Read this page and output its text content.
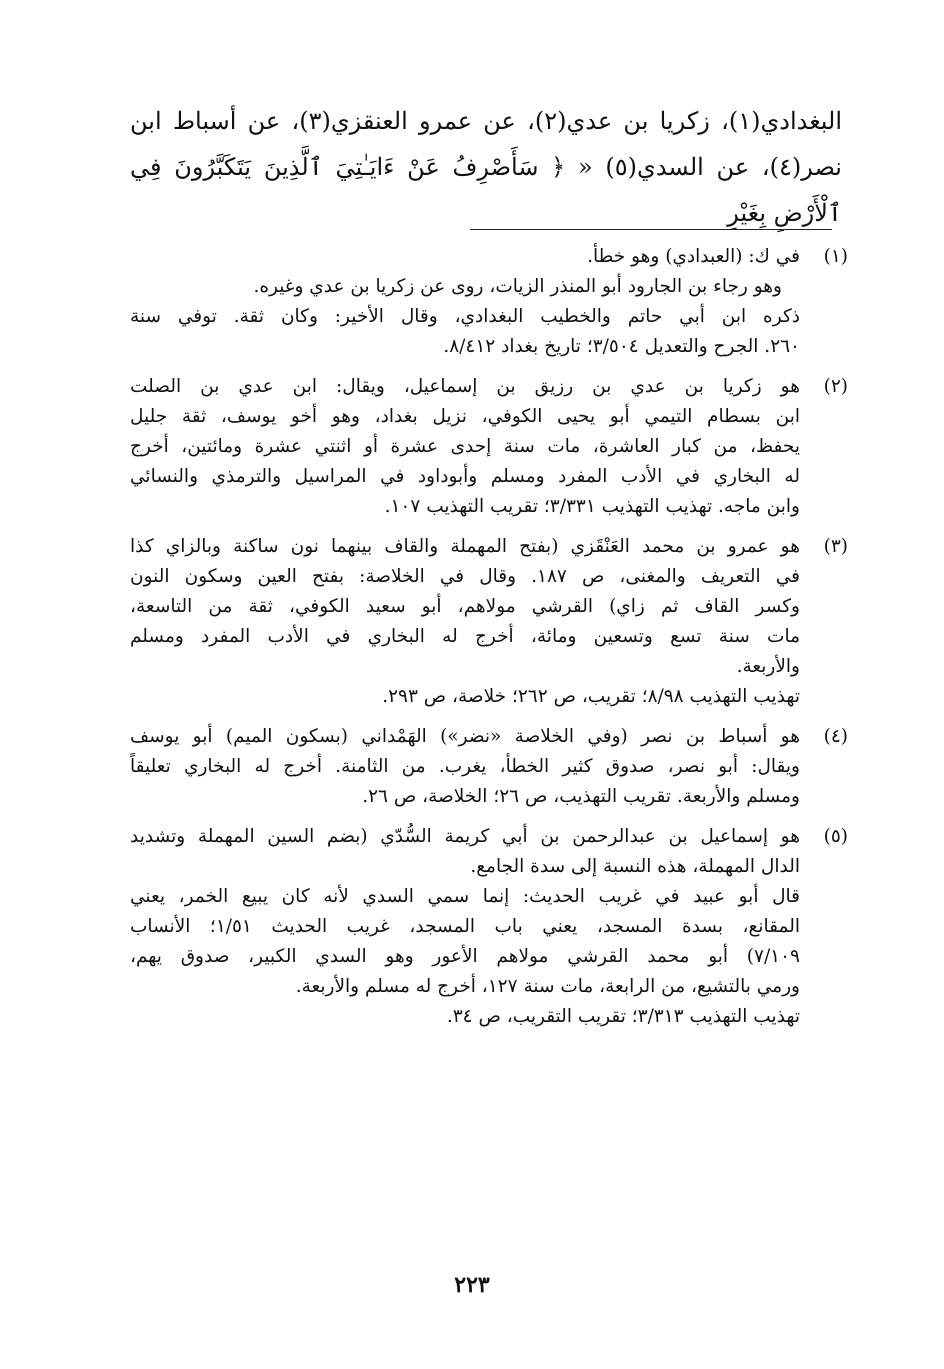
البغدادي(١)، زكريا بن عدي(٢)، عن عمرو العنقزي(٣)، عن أسباط ابن

نصر(٤)، عن السدي(٥) « ﴿ سَأَصْرِفُ عَنْ ءَايَـٰتِيَ ٱلَّذِينَ يَتَكَبَّرُونَ فِي ٱلْأَرْضِ بِغَيْرِ

(١)

في ك: (العبدادي) وهو خطأ.

وهو رجاء بن الجارود أبو المنذر الزيات، روى عن زكريا بن عدي وغيره.

ذكره ابن أبي حاتم والخطيب البغدادي، وقال الأخير: وكان ثقة. توفي سنة

٢٦٠. الجرح والتعديل ٣/٥٠٤؛ تاريخ بغداد ٨/٤١٢.

(٢)

هو زكريا بن عدي بن رزيق بن إسماعيل، ويقال: ابن عدي بن الصلت

ابن بسطام التيمي أبو يحيى الكوفي، نزيل بغداد، وهو أخو يوسف، ثقة جليل

يحفظ، من كبار العاشرة، مات سنة إحدى عشرة أو اثنتي عشرة ومائتين، أخرج

له البخاري في الأدب المفرد ومسلم وأبوداود في المراسيل والترمذي والنسائي

وابن ماجه. تهذيب التهذيب ٣/٣٣١؛ تقريب التهذيب ١٠٧.

(٣)

هو عمرو بن محمد العَنْقَزي (بفتح المهملة والقاف بينهما نون ساكنة وبالزاي كذا

في التعريف والمغنى، ص ١٨٧. وقال في الخلاصة: بفتح العين وسكون النون

وكسر القاف ثم زاي) القرشي مولاهم، أبو سعيد الكوفي، ثقة من التاسعة،

مات سنة تسع وتسعين ومائة، أخرج له البخاري في الأدب المفرد ومسلم

والأربعة.

تهذيب التهذيب ٨/٩٨؛ تقريب، ص ٢٦٢؛ خلاصة، ص ٢٩٣.

(٤)

هو أسباط بن نصر (وفي الخلاصة «نضر») الهَمْداني (بسكون الميم) أبو يوسف

ويقال: أبو نصر، صدوق كثير الخطأ، يغرب. من الثامنة. أخرج له البخاري تعليقاً

ومسلم والأربعة. تقريب التهذيب، ص ٢٦؛ الخلاصة، ص ٢٦.

(٥)

هو إسماعيل بن عبدالرحمن بن أبي كريمة السُّدّي (بضم السين المهملة وتشديد

الدال المهملة، هذه النسبة إلى سدة الجامع.

قال أبو عبيد في غريب الحديث: إنما سمي السدي لأنه كان يبيع الخمر، يعني

المقانع، بسدة المسجد، يعني باب المسجد، غريب الحديث ١/٥١؛ الأنساب

٧/١٠٩) أبو محمد القرشي مولاهم الأعور وهو السدي الكبير، صدوق يهم،

ورمي بالتشيع، من الرابعة، مات سنة ١٢٧، أخرج له مسلم والأربعة.

تهذيب التهذيب ٣/٣١٣؛ تقريب التقريب، ص ٣٤.

٢٢٣
